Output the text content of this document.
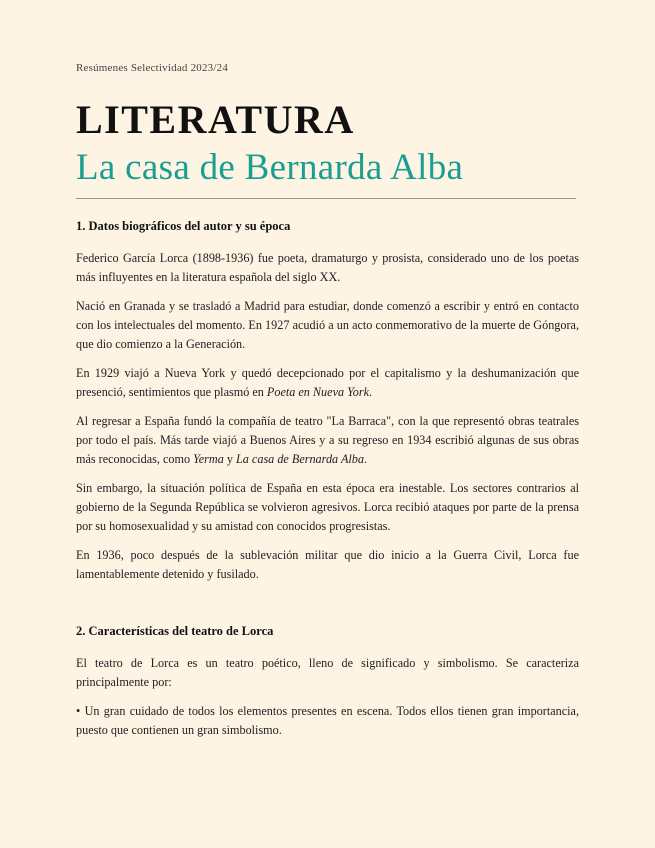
Resúmenes Selectividad 2023/24
LITERATURA
La casa de Bernarda Alba
1. Datos biográficos del autor y su época

Federico García Lorca (1898-1936) fue poeta, dramaturgo y prosista, considerado uno de los poetas más influyentes en la literatura española del siglo XX.

Nació en Granada y se trasladó a Madrid para estudiar, donde comenzó a escribir y entró en contacto con los intelectuales del momento. En 1927 acudió a un acto conmemorativo de la muerte de Góngora, que dio comienzo a la Generación.

En 1929 viajó a Nueva York y quedó decepcionado por el capitalismo y la deshumanización que presenció, sentimientos que plasmó en Poeta en Nueva York.

Al regresar a España fundó la compañía de teatro "La Barraca", con la que representó obras teatrales por todo el país. Más tarde viajó a Buenos Aires y a su regreso en 1934 escribió algunas de sus obras más reconocidas, como Yerma y La casa de Bernarda Alba.

Sin embargo, la situación política de España en esta época era inestable. Los sectores contrarios al gobierno de la Segunda República se volvieron agresivos. Lorca recibió ataques por parte de la prensa por su homosexualidad y su amistad con conocidos progresistas.

En 1936, poco después de la sublevación militar que dio inicio a la Guerra Civil, Lorca fue lamentablemente detenido y fusilado.

2. Características del teatro de Lorca

El teatro de Lorca es un teatro poético, lleno de significado y simbolismo. Se caracteriza principalmente por:

• Un gran cuidado de todos los elementos presentes en escena. Todos ellos tienen gran importancia, puesto que contienen un gran simbolismo.
